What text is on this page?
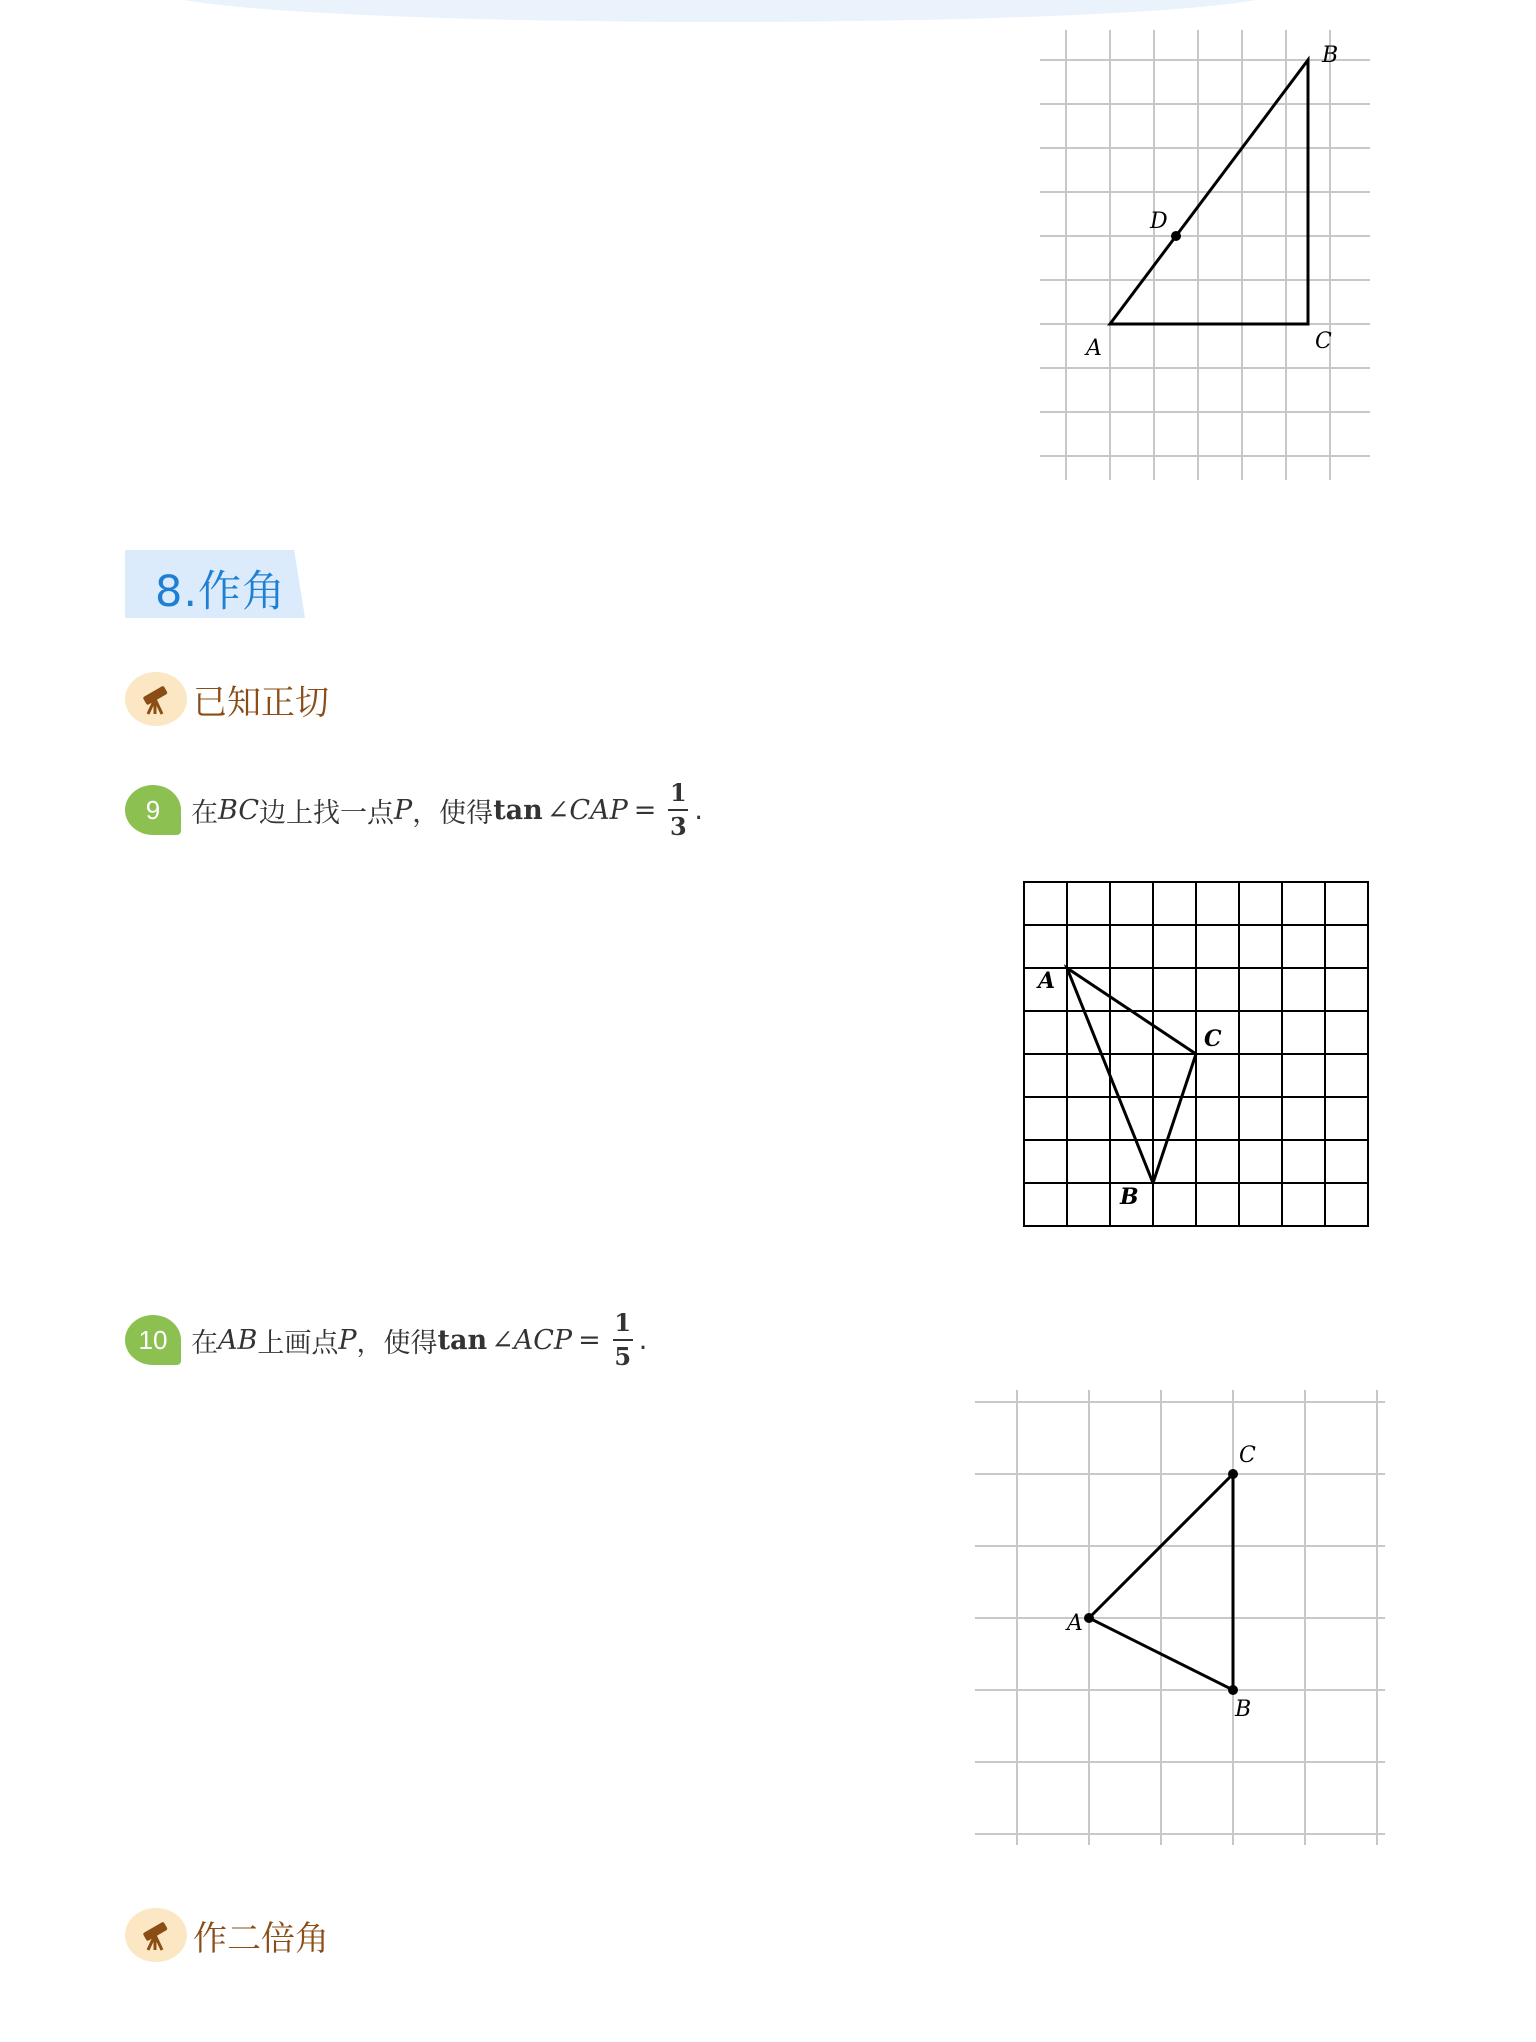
B
D
A	C
8.作角
已知正切
9	在 BC 边上找一点 P ，使得 tan ∠CAP = $\frac{1}{3}$ .
A
C
B
10 在 AB 上画点 P ，使得 tan ∠ACP = $\frac{1}{5}$ .
C
A
B
作二倍角
